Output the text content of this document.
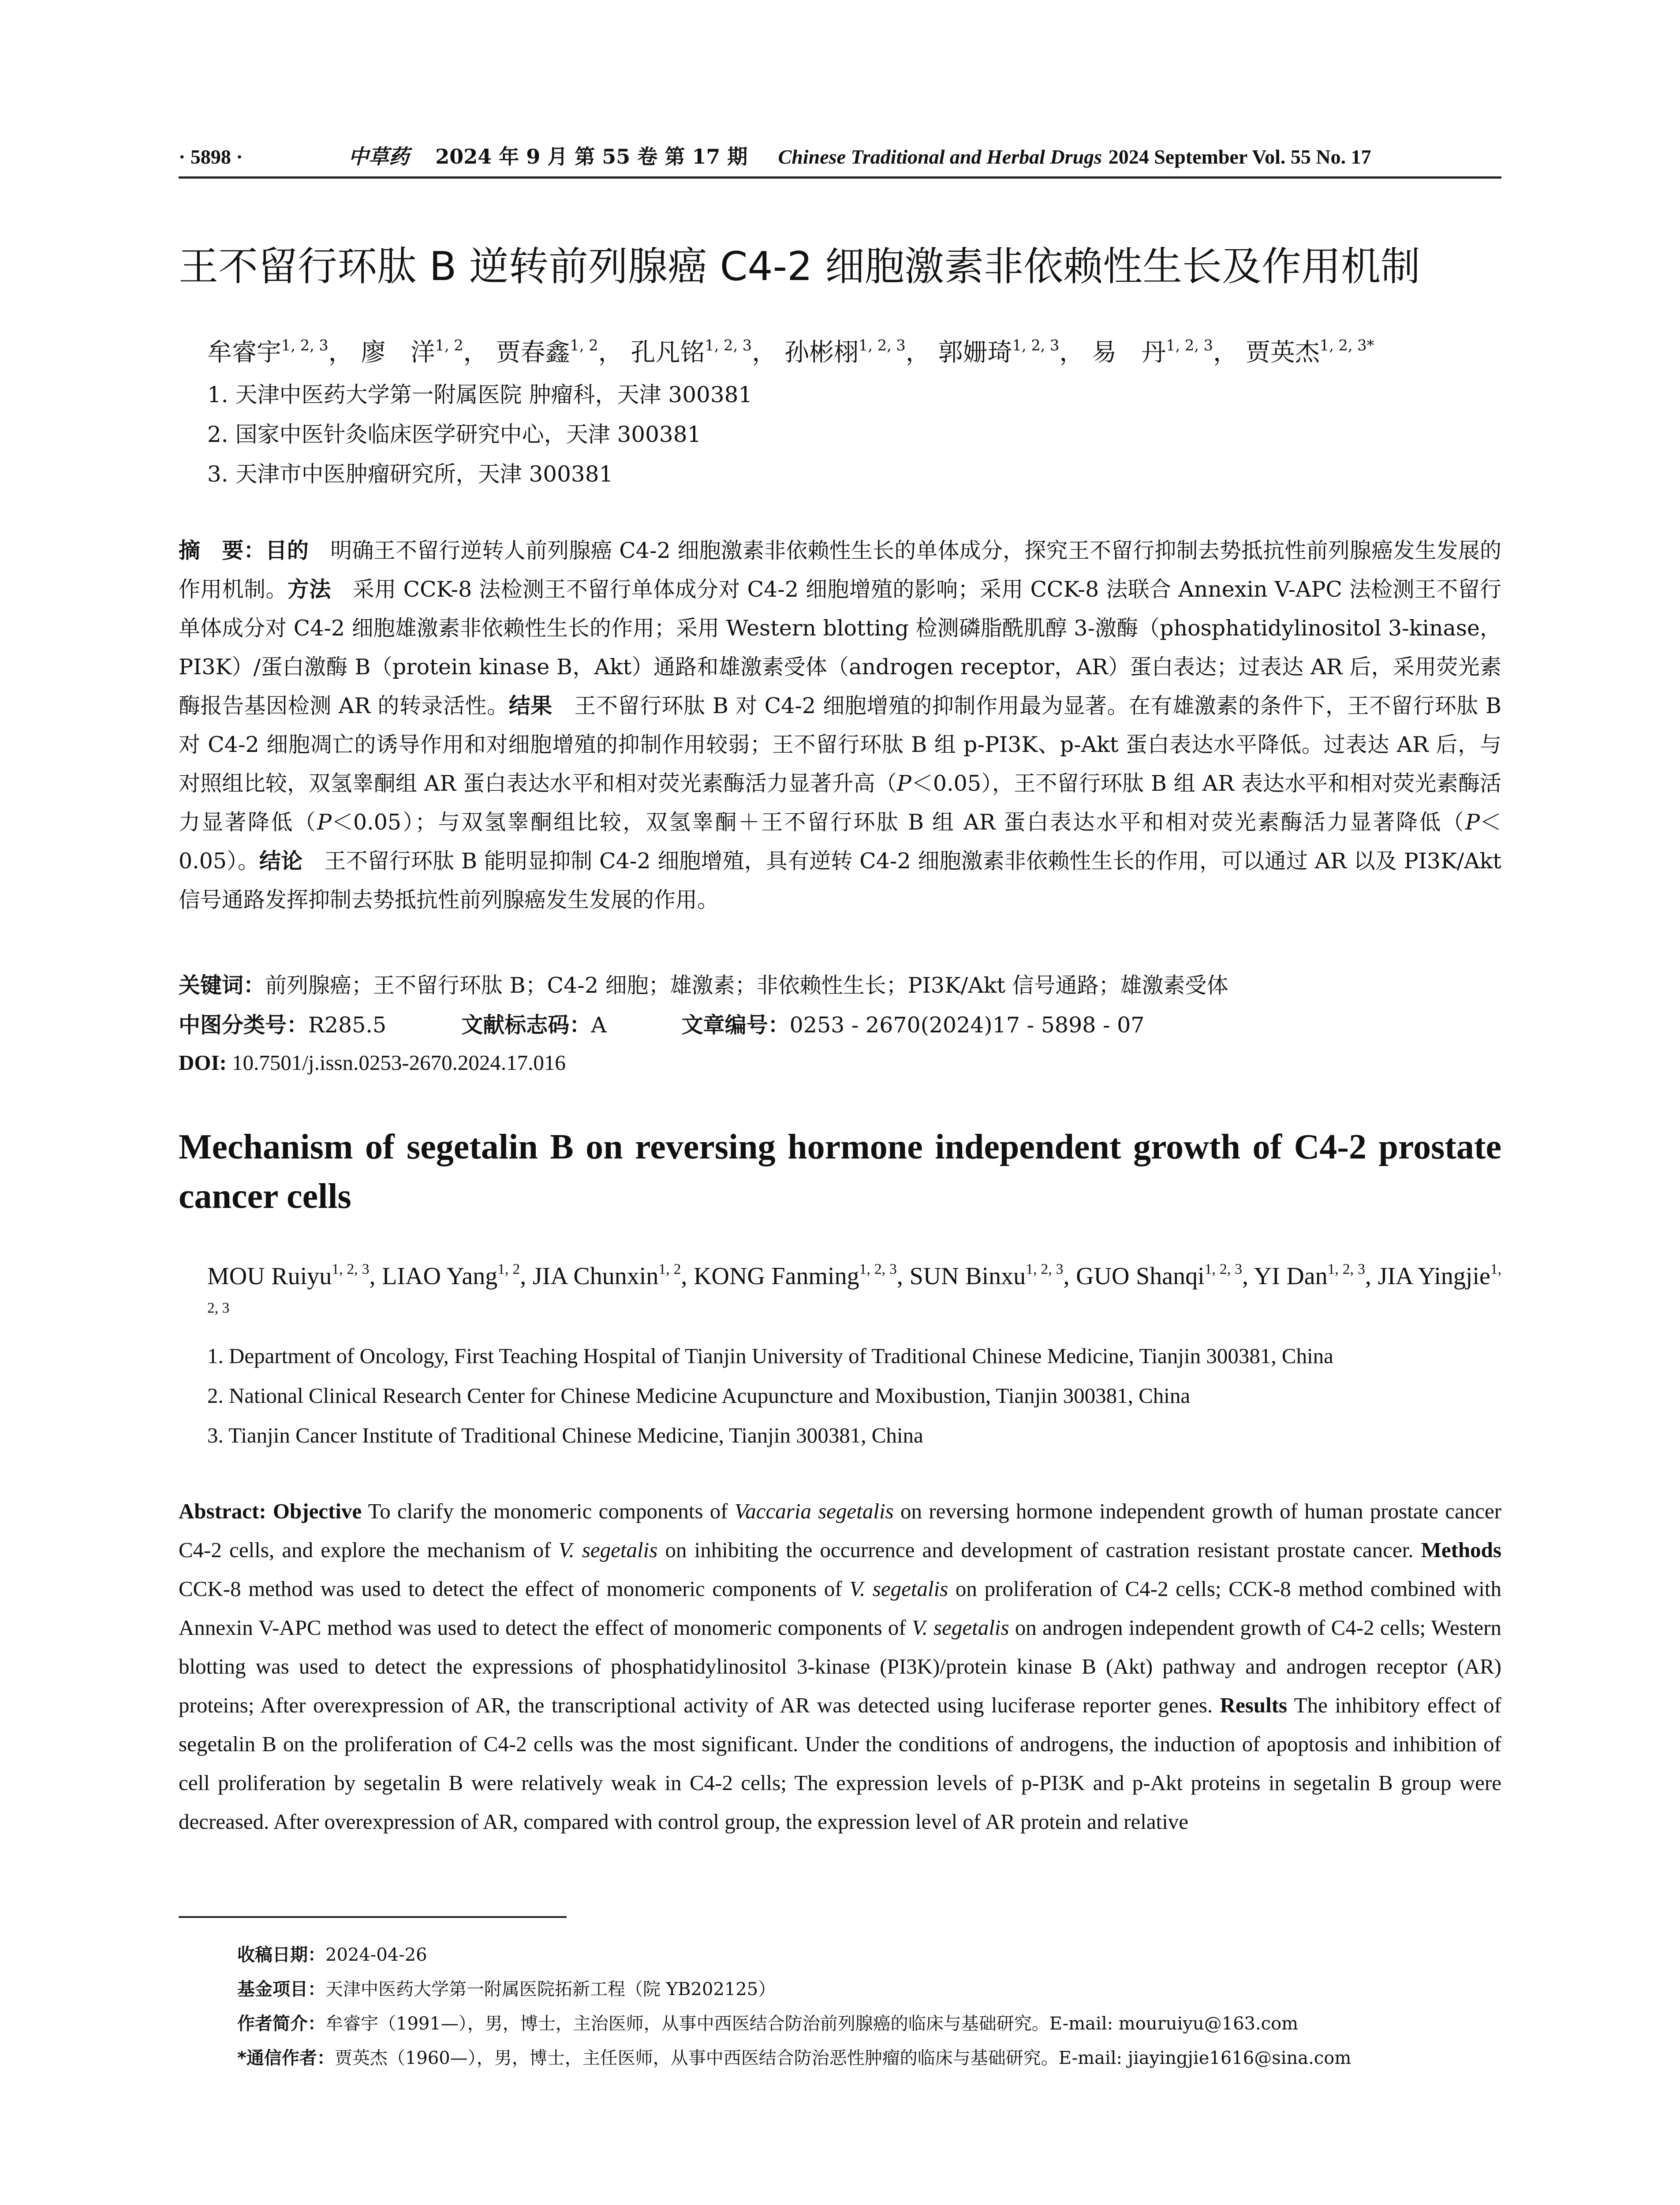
· 5898 ·	中草药 2024 年 9 月 第 55 卷 第 17 期 Chinese Traditional and Herbal Drugs 2024 September Vol. 55 No. 17
王不留行环肽 B 逆转前列腺癌 C4-2 细胞激素非依赖性生长及作用机制
牟睿宇$^{1, 2, 3}$， 廖　洋$^{1, 2}$， 贾春鑫$^{1, 2}$， 孔凡铭$^{1, 2, 3}$， 孙彬栩$^{1, 2, 3}$， 郭姗琦$^{1, 2, 3}$， 易　丹$^{1, 2, 3}$， 贾英杰$^{1, 2, 3*}$
1. 天津中医药大学第一附属医院 肿瘤科，天津 300381
2. 国家中医针灸临床医学研究中心，天津 300381
3. 天津市中医肿瘤研究所，天津 300381
摘　要：目的　明确王不留行逆转人前列腺癌 C4-2 细胞激素非依赖性生长的单体成分，探究王不留行抑制去势抵抗性前列腺癌发生发展的作用机制。方法　采用 CCK-8 法检测王不留行单体成分对 C4-2 细胞增殖的影响；采用 CCK-8 法联合 Annexin V-APC 法检测王不留行单体成分对 C4-2 细胞雄激素非依赖性生长的作用；采用 Western blotting 检测磷脂酰肌醇 3-激酶（phosphatidylinositol 3-kinase，PI3K）/蛋白激酶 B（protein kinase B，Akt）通路和雄激素受体（androgen receptor，AR）蛋白表达；过表达 AR 后，采用荧光素酶报告基因检测 AR 的转录活性。结果　王不留行环肽 B 对 C4-2 细胞增殖的抑制作用最为显著。在有雄激素的条件下，王不留行环肽 B 对 C4-2 细胞凋亡的诱导作用和对细胞增殖的抑制作用较弱；王不留行环肽 B 组 p-PI3K、p-Akt 蛋白表达水平降低。过表达 AR 后，与对照组比较，双氢睾酮组 AR 蛋白表达水平和相对荧光素酶活力显著升高（P＜0.05），王不留行环肽 B 组 AR 表达水平和相对荧光素酶活力显著降低（P＜0.05）；与双氢睾酮组比较，双氢睾酮＋王不留行环肽 B 组 AR 蛋白表达水平和相对荧光素酶活力显著降低（P＜0.05）。结论　王不留行环肽 B 能明显抑制 C4-2 细胞增殖，具有逆转 C4-2 细胞激素非依赖性生长的作用，可以通过 AR 以及 PI3K/Akt 信号通路发挥抑制去势抵抗性前列腺癌发生发展的作用。
关键词：前列腺癌；王不留行环肽 B；C4-2 细胞；雄激素；非依赖性生长；PI3K/Akt 信号通路；雄激素受体
中图分类号：R285.5	文献标志码：A	文章编号：0253 - 2670(2024)17 - 5898 - 07
DOI: 10.7501/j.issn.0253-2670.2024.17.016
Mechanism of segetalin B on reversing hormone independent growth of C4-2 prostate cancer cells
MOU Ruiyu$^{1, 2, 3}$, LIAO Yang$^{1, 2}$, JIA Chunxin$^{1, 2}$, KONG Fanming$^{1, 2, 3}$, SUN Binxu$^{1, 2, 3}$, GUO Shanqi$^{1, 2, 3}$, YI Dan$^{1, 2, 3}$, JIA Yingjie$^{1, 2, 3}$
1. Department of Oncology, First Teaching Hospital of Tianjin University of Traditional Chinese Medicine, Tianjin 300381, China
2. National Clinical Research Center for Chinese Medicine Acupuncture and Moxibustion, Tianjin 300381, China
3. Tianjin Cancer Institute of Traditional Chinese Medicine, Tianjin 300381, China
Abstract: Objective To clarify the monomeric components of Vaccaria segetalis on reversing hormone independent growth of human prostate cancer C4-2 cells, and explore the mechanism of V. segetalis on inhibiting the occurrence and development of castration resistant prostate cancer. Methods CCK-8 method was used to detect the effect of monomeric components of V. segetalis on proliferation of C4-2 cells; CCK-8 method combined with Annexin V-APC method was used to detect the effect of monomeric components of V. segetalis on androgen independent growth of C4-2 cells; Western blotting was used to detect the expressions of phosphatidylinositol 3-kinase (PI3K)/protein kinase B (Akt) pathway and androgen receptor (AR) proteins; After overexpression of AR, the transcriptional activity of AR was detected using luciferase reporter genes. Results The inhibitory effect of segetalin B on the proliferation of C4-2 cells was the most significant. Under the conditions of androgens, the induction of apoptosis and inhibition of cell proliferation by segetalin B were relatively weak in C4-2 cells; The expression levels of p-PI3K and p-Akt proteins in segetalin B group were decreased. After overexpression of AR, compared with control group, the expression level of AR protein and relative
收稿日期：2024-04-26
基金项目：天津中医药大学第一附属医院拓新工程（院 YB202125）
作者简介：牟睿宇（1991—），男，博士，主治医师，从事中西医结合防治前列腺癌的临床与基础研究。E-mail: mouruiyu@163.com
*通信作者：贾英杰（1960—），男，博士，主任医师，从事中西医结合防治恶性肿瘤的临床与基础研究。E-mail: jiayingjie1616@sina.com
